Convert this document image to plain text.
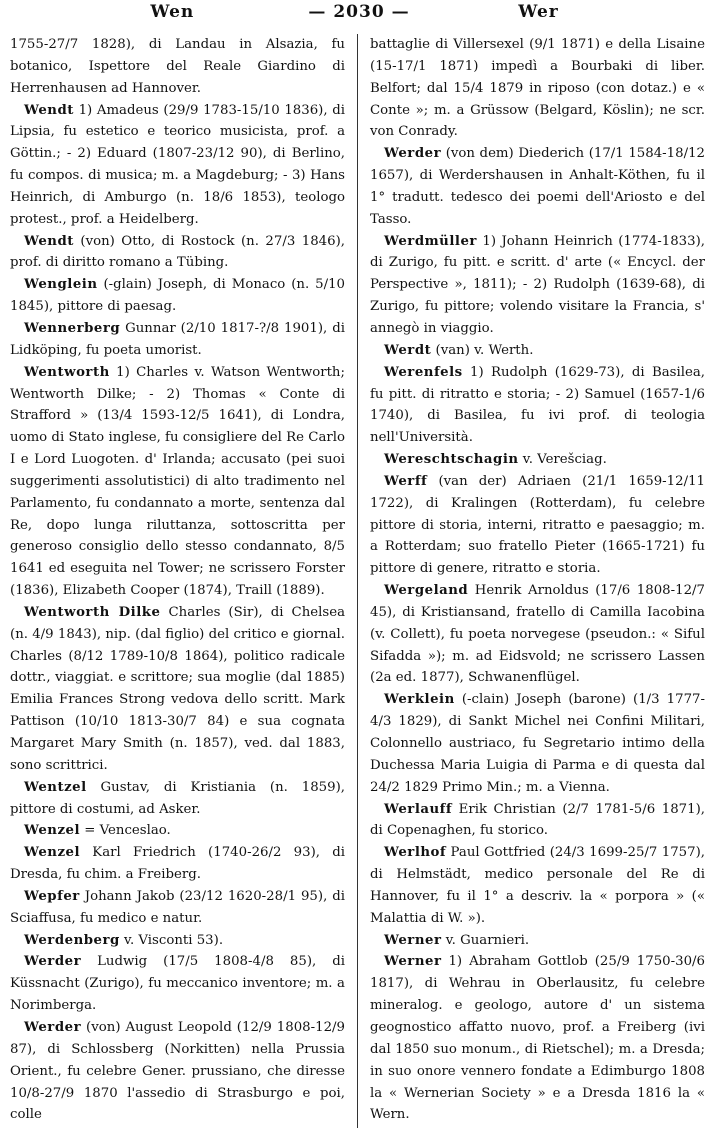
Wen	— 2030 —	Wer

1755-27/7 1828), di Landau in Alsazia, fu botanico, Ispettore del Reale Giardino di Herrenhausen ad Hannover.

Wendt 1) Amadeus (29/9 1783-15/10 1836), di Lipsia, fu estetico e teorico musicista, prof. a Göttin.; - 2) Eduard (1807-23/12 90), di Berlino, fu compos. di musica; m. a Magdeburg; - 3) Hans Heinrich, di Amburgo (n. 18/6 1853), teologo protest., prof. a Heidelberg.

Wendt (von) Otto, di Rostock (n. 27/3 1846), prof. di diritto romano a Tübing.

Wenglein (-glain) Joseph, di Monaco (n. 5/10 1845), pittore di paesag.

Wennerberg Gunnar (2/10 1817-?/8 1901), di Lidköping, fu poeta umorist.

Wentworth 1) Charles v. Watson Wentworth; Wentworth Dilke; - 2) Thomas « Conte di Strafford » (13/4 1593-12/5 1641), di Londra, uomo di Stato inglese, fu consigliere del Re Carlo I e Lord Luogoten. d' Irlanda; accusato (pei suoi suggerimenti assolutistici) di alto tradimento nel Parlamento, fu condannato a morte, sentenza dal Re, dopo lunga riluttanza, sottoscritta per generoso consiglio dello stesso condannato, 8/5 1641 ed eseguita nel Tower; ne scrissero Forster (1836), Elizabeth Cooper (1874), Traill (1889).

Wentworth Dilke Charles (Sir), di Chelsea (n. 4/9 1843), nip. (dal figlio) del critico e giornal. Charles (8/12 1789-10/8 1864), politico radicale dottr., viaggiat. e scrittore; sua moglie (dal 1885) Emilia Frances Strong vedova dello scritt. Mark Pattison (10/10 1813-30/7 84) e sua cognata Margaret Mary Smith (n. 1857), ved. dal 1883, sono scrittrici.

Wentzel Gustav, di Kristiania (n. 1859), pittore di costumi, ad Asker.

Wenzel = Venceslao.

Wenzel Karl Friedrich (1740-26/2 93), di Dresda, fu chim. a Freiberg.

Wepfer Johann Jakob (23/12 1620-28/1 95), di Sciaffusa, fu medico e natur.

Werdenberg v. Visconti 53).

Werder Ludwig (17/5 1808-4/8 85), di Küssnacht (Zurigo), fu meccanico inventore; m. a Norimberga.

Werder (von) August Leopold (12/9 1808-12/9 87), di Schlossberg (Norkitten) nella Prussia Orient., fu celebre Gener. prussiano, che diresse 10/8-27/9 1870 l'assedio di Strasburgo e poi, colle

battaglie di Villersexel (9/1 1871) e della Lisaine (15-17/1 1871) impedì a Bourbaki di liber. Belfort; dal 15/4 1879 in riposo (con dotaz.) e « Conte »; m. a Grüssow (Belgard, Köslin); ne scr. von Conrady.

Werder (von dem) Diederich (17/1 1584-18/12 1657), di Werdershausen in Anhalt-Köthen, fu il 1° tradutt. tedesco dei poemi dell'Ariosto e del Tasso.

Werdmüller 1) Johann Heinrich (1774-1833), di Zurigo, fu pitt. e scritt. d' arte (« Encycl. der Perspective », 1811); - 2) Rudolph (1639-68), di Zurigo, fu pittore; volendo visitare la Francia, s' annegò in viaggio.

Werdt (van) v. Werth.

Werenfels 1) Rudolph (1629-73), di Basilea, fu pitt. di ritratto e storia; - 2) Samuel (1657-1/6 1740), di Basilea, fu ivi prof. di teologia nell'Università.

Wereschtschagin v. Verešciag.

Werff (van der) Adriaen (21/1 1659-12/11 1722), di Kralingen (Rotterdam), fu celebre pittore di storia, interni, ritratto e paesaggio; m. a Rotterdam; suo fratello Pieter (1665-1721) fu pittore di genere, ritratto e storia.

Wergeland Henrik Arnoldus (17/6 1808-12/7 45), di Kristiansand, fratello di Camilla Iacobina (v. Collett), fu poeta norvegese (pseudon.: « Siful Sifadda »); m. ad Eidsvold; ne scrissero Lassen (2a ed. 1877), Schwanenflügel.

Werklein (-clain) Joseph (barone) (1/3 1777-4/3 1829), di Sankt Michel nei Confini Militari, Colonnello austriaco, fu Segretario intimo della Duchessa Maria Luigia di Parma e di questa dal 24/2 1829 Primo Min.; m. a Vienna.

Werlauff Erik Christian (2/7 1781-5/6 1871), di Copenaghen, fu storico.

Werlhof Paul Gottfried (24/3 1699-25/7 1757), di Helmstädt, medico personale del Re di Hannover, fu il 1° a descriv. la « porpora » (« Malattia di W. »).

Werner v. Guarnieri.

Werner 1) Abraham Gottlob (25/9 1750-30/6 1817), di Wehrau in Oberlausitz, fu celebre mineralog. e geologo, autore d' un sistema geognostico affatto nuovo, prof. a Freiberg (ivi dal 1850 suo monum., di Rietschel); m. a Dresda; in suo onore vennero fondate a Edimburgo 1808 la « Wernerian Society » e a Dresda 1816 la « Wern.
